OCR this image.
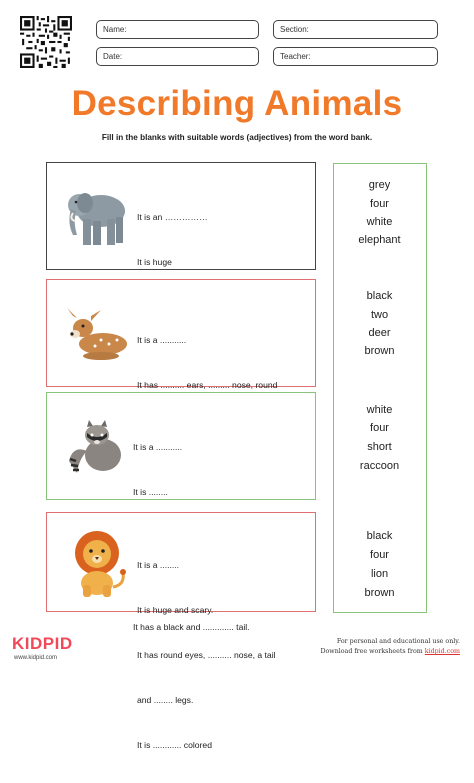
Name:	Section:
Date:	Teacher:
Describing Animals
Fill in the blanks with suitable words (adjectives) from the word bank.

It is an ……………

It is huge

It is a ...........

It has .......... ears, ......... nose, round

It is a ...........

It is ........

It has a black and ............. tail.

It is a ........

It is huge and scary.

It has round eyes, .......... nose, a tail

and ........ legs.

It is ............ colored

grey
four
white
elephant
black
two
deer
brown
white
four
short
raccoon
black
four
lion
brown
KIDPID
www.kidpid.com
For personal and educational use only.
Download free worksheets from kidpid.com
